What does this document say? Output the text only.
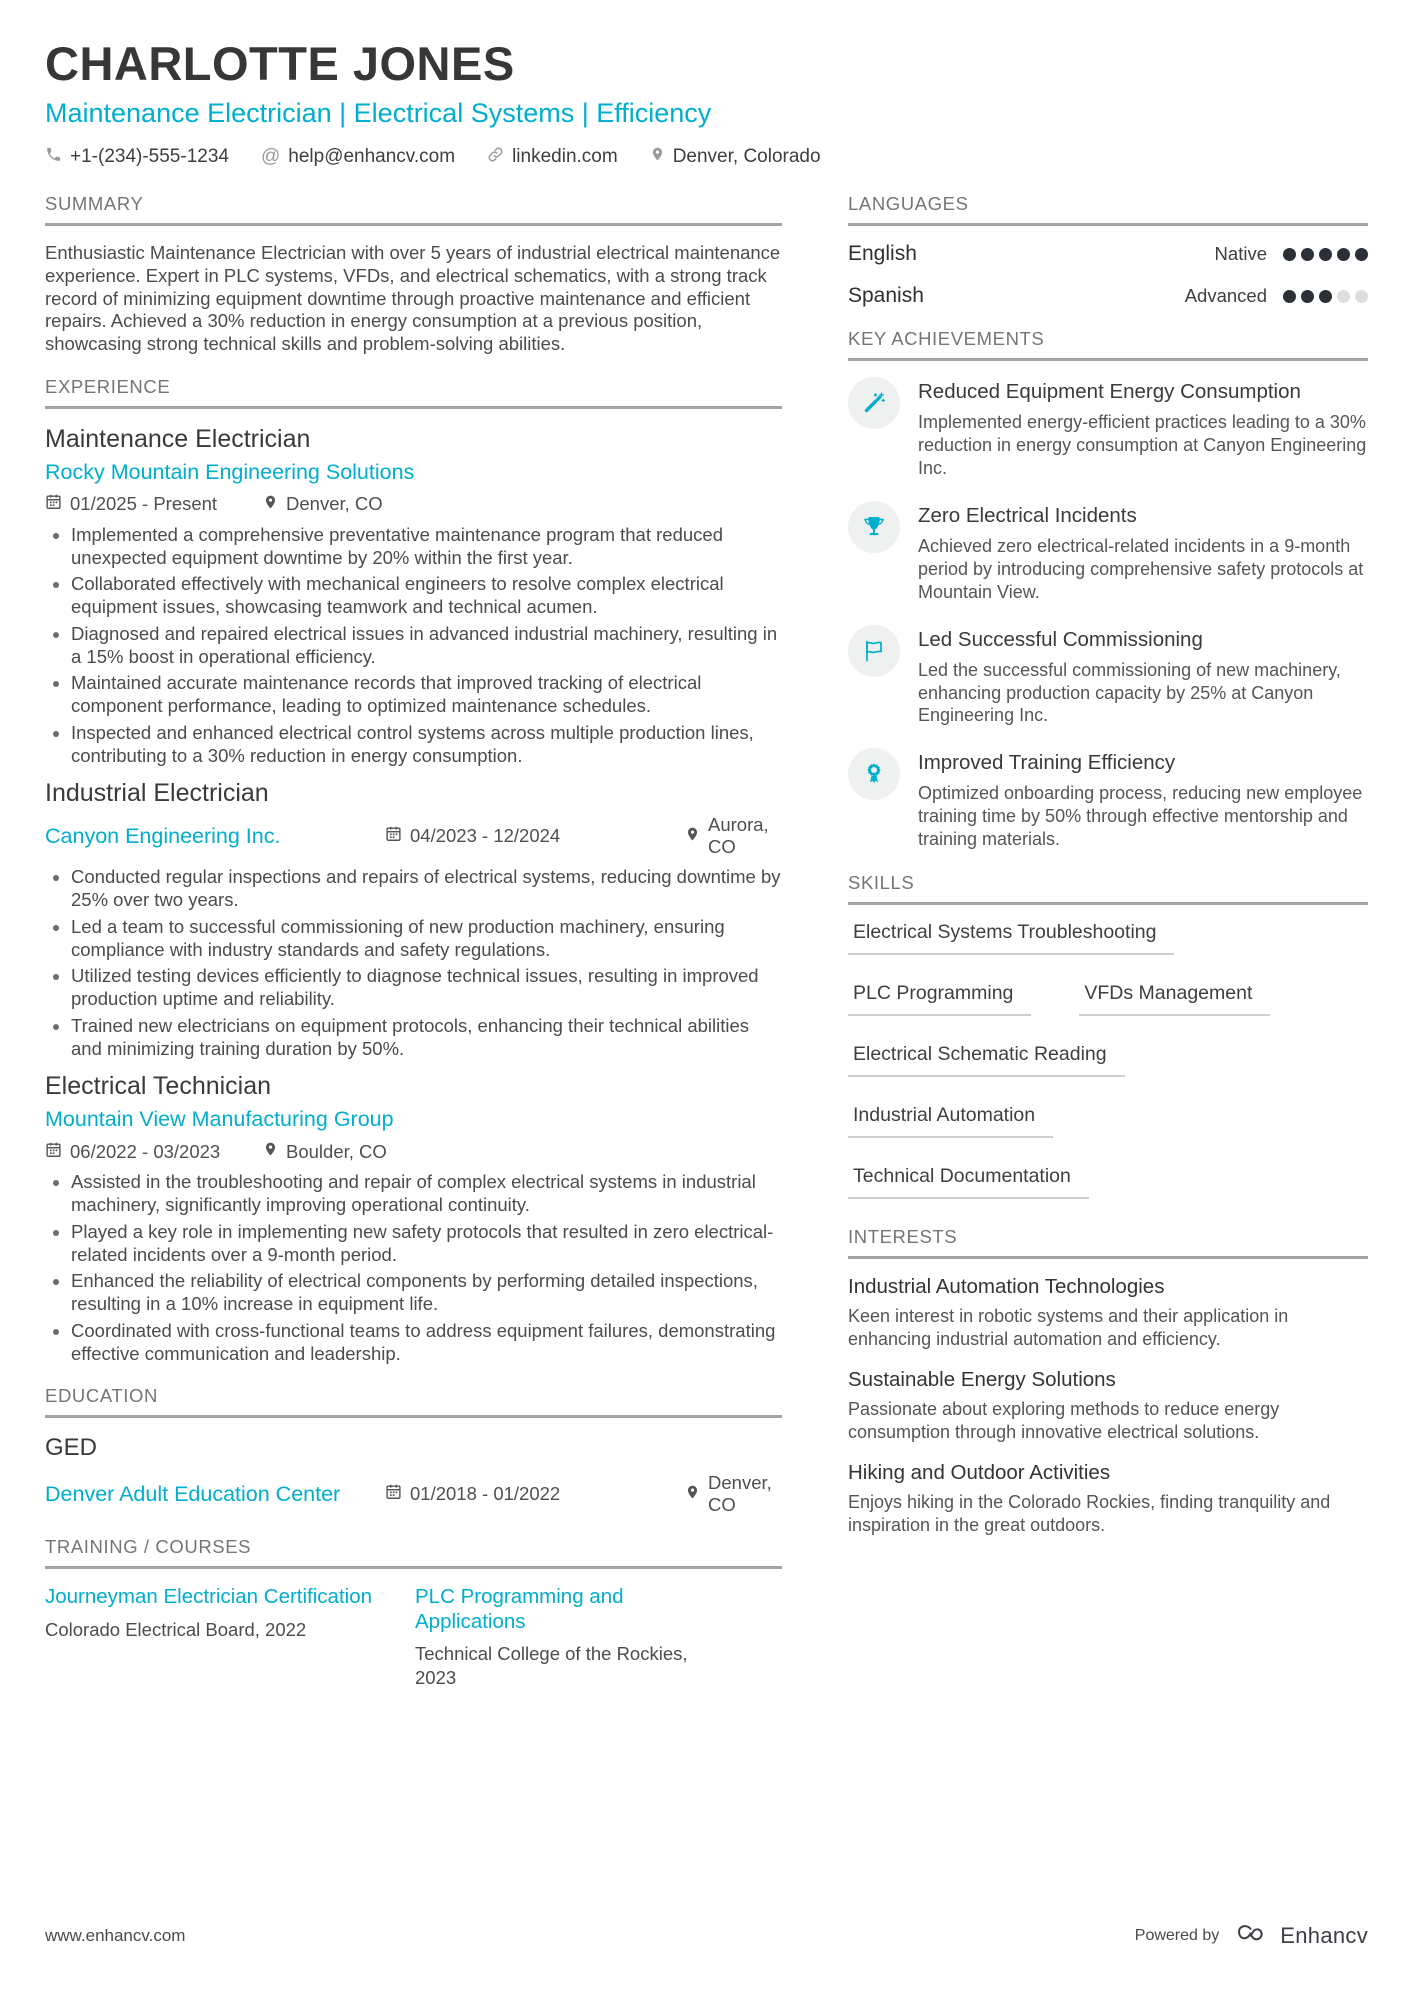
CHARLOTTE JONES
Maintenance Electrician | Electrical Systems | Efficiency
+1-(234)-555-1234 @ help@enhancv.com	linkedin.com	Denver, Colorado
SUMMARY

Enthusiastic Maintenance Electrician with over 5 years of industrial electrical maintenance experience. Expert in PLC systems, VFDs, and electrical schematics, with a strong track record of minimizing equipment downtime through proactive maintenance and efficient repairs. Achieved a 30% reduction in energy consumption at a previous position, showcasing strong technical skills and problem-solving abilities.

EXPERIENCE
Maintenance Electrician
Rocky Mountain Engineering Solutions
01/2025 - Present	Denver, CO
• Implemented a comprehensive preventative maintenance program that reduced unexpected equipment downtime by 20% within the first year.
• Collaborated effectively with mechanical engineers to resolve complex electrical equipment issues, showcasing teamwork and technical acumen.
• Diagnosed and repaired electrical issues in advanced industrial machinery, resulting in a 15% boost in operational efficiency.
• Maintained accurate maintenance records that improved tracking of electrical component performance, leading to optimized maintenance schedules.
• Inspected and enhanced electrical control systems across multiple production lines, contributing to a 30% reduction in energy consumption.
Industrial Electrician
Canyon Engineering Inc.	04/2023 - 12/2024
Aurora, CO
• Conducted regular inspections and repairs of electrical systems, reducing downtime by 25% over two years.
• Led a team to successful commissioning of new production machinery, ensuring compliance with industry standards and safety regulations.
• Utilized testing devices efficiently to diagnose technical issues, resulting in improved production uptime and reliability.
• Trained new electricians on equipment protocols, enhancing their technical abilities and minimizing training duration by 50%.
Electrical Technician
Mountain View Manufacturing Group
06/2022 - 03/2023	Boulder, CO
• Assisted in the troubleshooting and repair of complex electrical systems in industrial machinery, significantly improving operational continuity.
• Played a key role in implementing new safety protocols that resulted in zero electrical-related incidents over a 9-month period.
• Enhanced the reliability of electrical components by performing detailed inspections, resulting in a 10% increase in equipment life.
• Coordinated with cross-functional teams to address equipment failures, demonstrating effective communication and leadership.
EDUCATION
GED
Denver Adult Education Center	01/2018 - 01/2022
Denver, CO
TRAINING / COURSES

Journeyman Electrician Certification

Colorado Electrical Board, 2022

PLC Programming and Applications

Technical College of the Rockies, 2023

LANGUAGES
English	Native
Spanish	Advanced
KEY ACHIEVEMENTS
Reduced Equipment Energy Consumption

Implemented energy-efficient practices leading to a 30% reduction in energy consumption at Canyon Engineering Inc.

Zero Electrical Incidents

Achieved zero electrical-related incidents in a 9-month period by introducing comprehensive safety protocols at Mountain View.

Led Successful Commissioning

Led the successful commissioning of new machinery, enhancing production capacity by 25% at Canyon Engineering Inc.

Improved Training Efficiency

Optimized onboarding process, reducing new employee training time by 50% through effective mentorship and training materials.

SKILLS
Electrical Systems Troubleshooting
PLC Programming	VFDs Management
Electrical Schematic Reading
Industrial Automation
Technical Documentation
INTERESTS
Industrial Automation Technologies

Keen interest in robotic systems and their application in enhancing industrial automation and efficiency.

Sustainable Energy Solutions

Passionate about exploring methods to reduce energy consumption through innovative electrical solutions.

Hiking and Outdoor Activities

Enjoys hiking in the Colorado Rockies, finding tranquility and inspiration in the great outdoors.

www.enhancv.com	Powered by	Enhancv
